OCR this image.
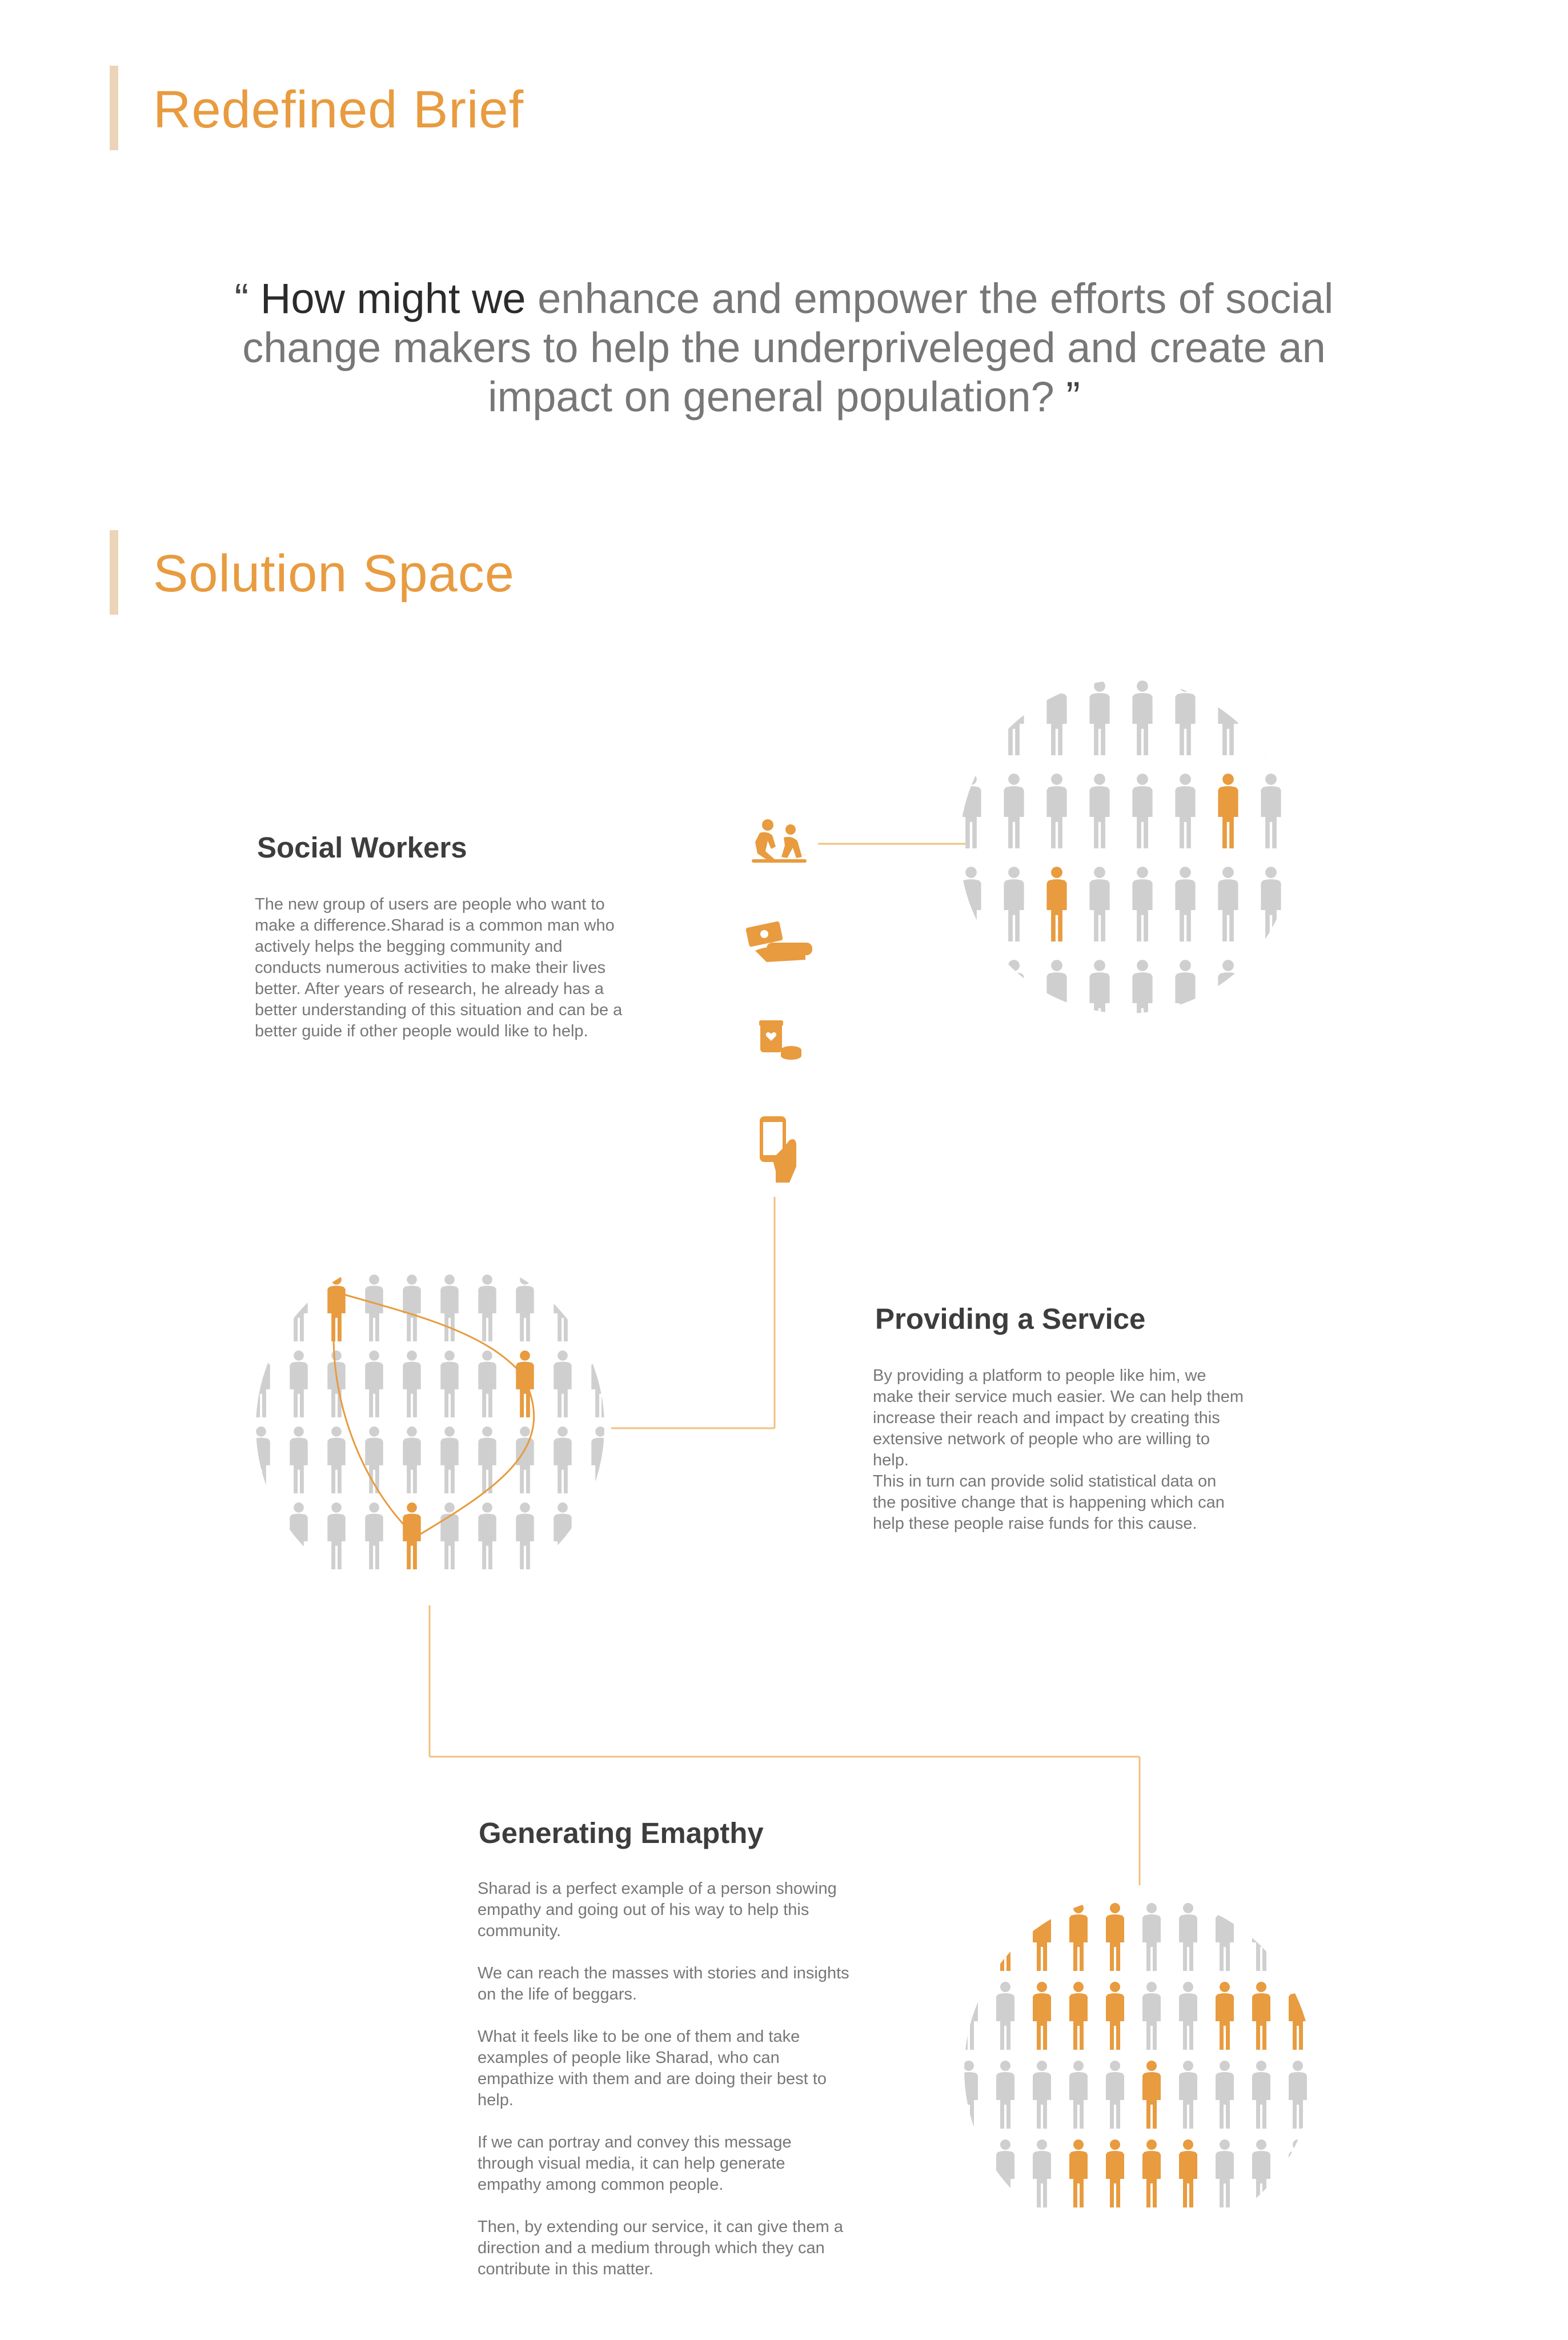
Redefined Brief

“ How might we enhance and empower the efforts of social change makers to help the underpriveleged and create an impact on general population? ”

Solution Space
Social Workers
The new group of users are people who want to
make a difference.Sharad is a common man who
actively helps the begging community and
conducts numerous activities to make their lives
better. After years of research, he already has a
better understanding of this situation and can be a
better guide if other people would like to help.
Providing a Service
By providing a platform to people like him, we
make their service much easier. We can help them
increase their reach and impact by creating this
extensive network of people who are willing to
help.
This in turn can provide solid statistical data on
the positive change that is happening which can
help these people raise funds for this cause.
Generating Emapthy

Sharad is a perfect example of a person showing
empathy and going out of his way to help this
community.

We can reach the masses with stories and insights
on the life of beggars.

What it feels like to be one of them and take
examples of people like Sharad, who can
empathize with them and are doing their best to
help.

If we can portray and convey this message
through visual media, it can help generate
empathy among common people.

Then, by extending our service, it can give them a
direction and a medium through which they can
contribute in this matter.
